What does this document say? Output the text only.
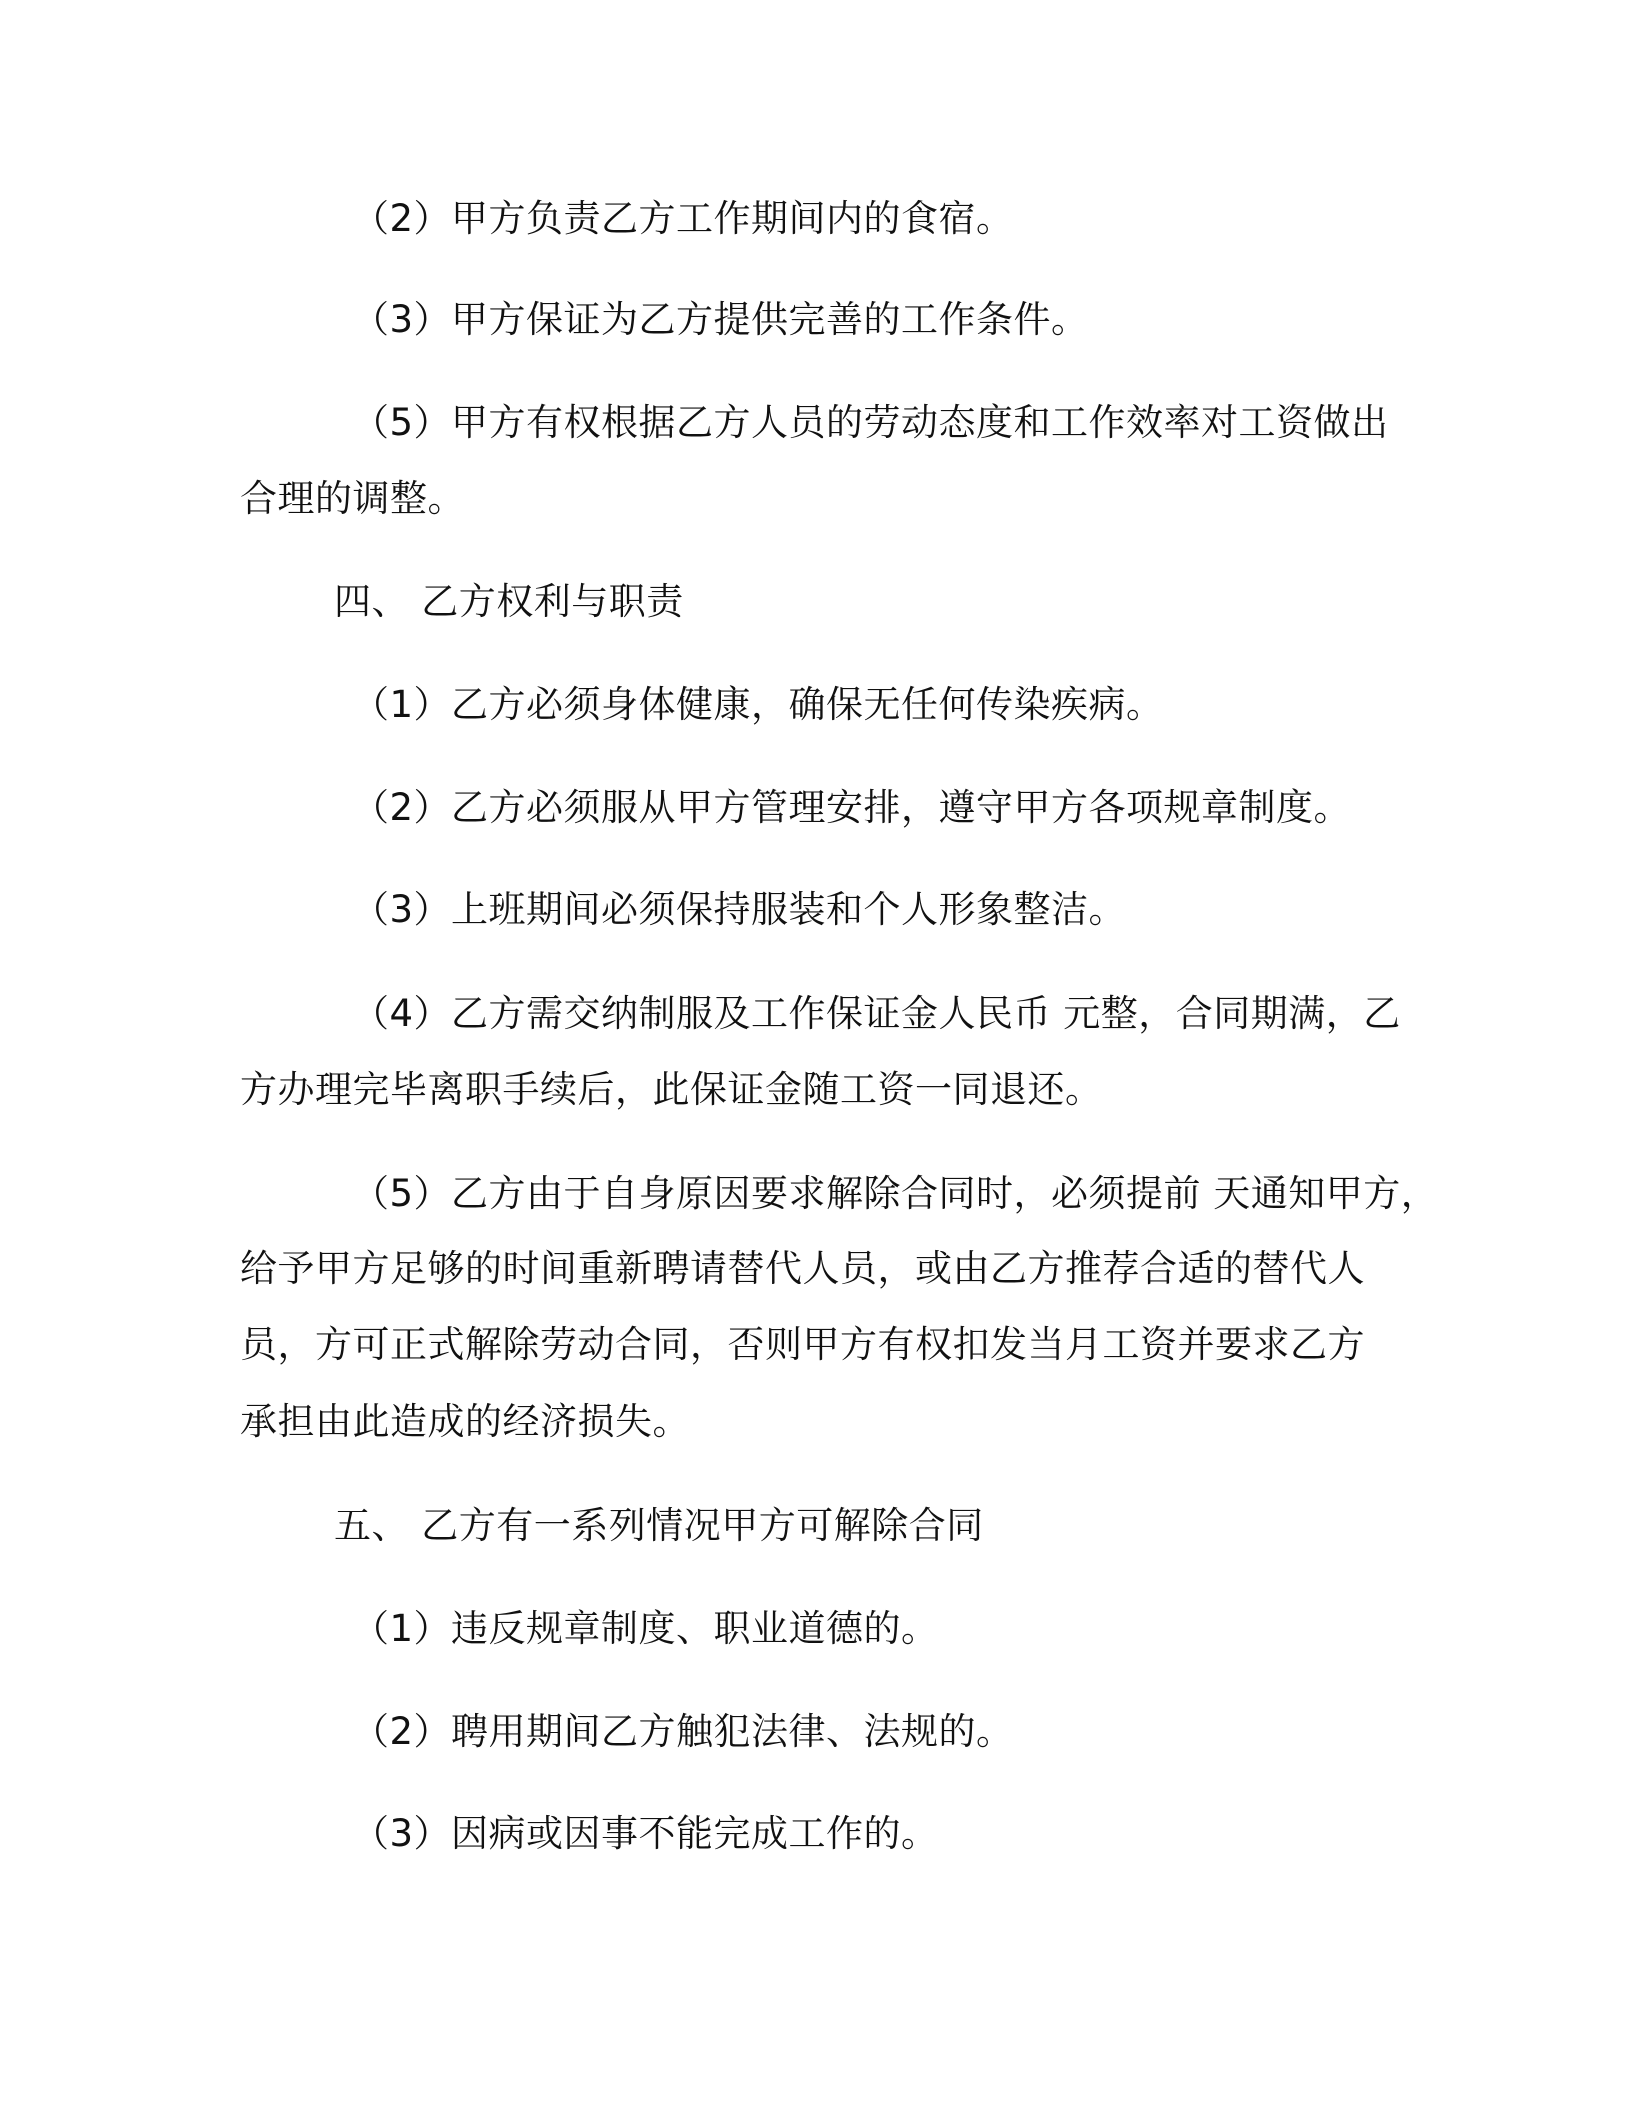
（2）甲方负责乙方工作期间内的食宿。
（3）甲方保证为乙方提供完善的工作条件。
（5）甲方有权根据乙方人员的劳动态度和工作效率对工资做出
合理的调整。
四、 乙方权利与职责
（1）乙方必须身体健康，确保无任何传染疾病。
（2）乙方必须服从甲方管理安排，遵守甲方各项规章制度。
（3）上班期间必须保持服装和个人形象整洁。
（4）乙方需交纳制服及工作保证金人民币 元整，合同期满，乙
方办理完毕离职手续后，此保证金随工资一同退还。
（5）乙方由于自身原因要求解除合同时，必须提前 天通知甲方，
给予甲方足够的时间重新聘请替代人员，或由乙方推荐合适的替代人
员，方可正式解除劳动合同，否则甲方有权扣发当月工资并要求乙方
承担由此造成的经济损失。
五、 乙方有一系列情况甲方可解除合同
（1）违反规章制度、职业道德的。
（2）聘用期间乙方触犯法律、法规的。
（3）因病或因事不能完成工作的。
